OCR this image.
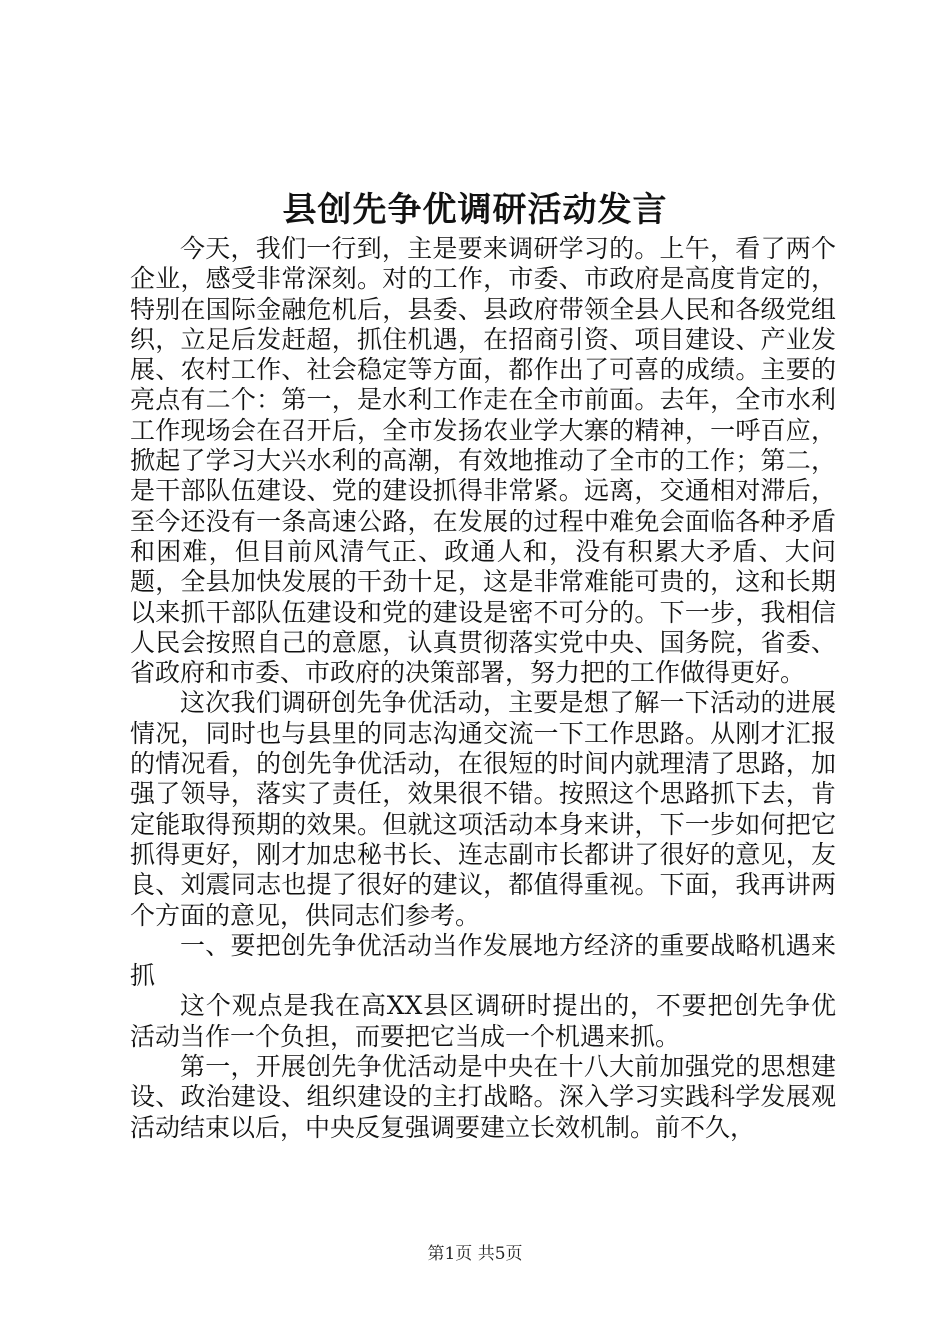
县创先争优调研活动发言

今天，我们一行到，主是要来调研学习的。上午，看了两个企业，感受非常深刻。对的工作，市委、市政府是高度肯定的，特别在国际金融危机后，县委、县政府带领全县人民和各级党组织，立足后发赶超，抓住机遇，在招商引资、项目建设、产业发展、农村工作、社会稳定等方面，都作出了可喜的成绩。主要的亮点有二个：第一，是水利工作走在全市前面。去年，全市水利工作现场会在召开后，全市发扬农业学大寨的精神，一呼百应，掀起了学习大兴水利的高潮，有效地推动了全市的工作；第二，是干部队伍建设、党的建设抓得非常紧。远离，交通相对滞后，至今还没有一条高速公路，在发展的过程中难免会面临各种矛盾和困难，但目前风清气正、政通人和，没有积累大矛盾、大问题，全县加快发展的干劲十足，这是非常难能可贵的，这和长期以来抓干部队伍建设和党的建设是密不可分的。下一步，我相信人民会按照自己的意愿，认真贯彻落实党中央、国务院，省委、省政府和市委、市政府的决策部署，努力把的工作做得更好。

这次我们调研创先争优活动，主要是想了解一下活动的进展情况，同时也与县里的同志沟通交流一下工作思路。从刚才汇报的情况看，的创先争优活动，在很短的时间内就理清了思路，加强了领导，落实了责任，效果很不错。按照这个思路抓下去，肯定能取得预期的效果。但就这项活动本身来讲，下一步如何把它抓得更好，刚才加忠秘书长、连志副市长都讲了很好的意见，友良、刘震同志也提了很好的建议，都值得重视。下面，我再讲两个方面的意见，供同志们参考。

一、要把创先争优活动当作发展地方经济的重要战略机遇来抓

这个观点是我在高XX县区调研时提出的，不要把创先争优活动当作一个负担，而要把它当成一个机遇来抓。

第一，开展创先争优活动是中央在十八大前加强党的思想建设、政治建设、组织建设的主打战略。深入学习实践科学发展观活动结束以后，中央反复强调要建立长效机制。前不久，

第1页 共5页
